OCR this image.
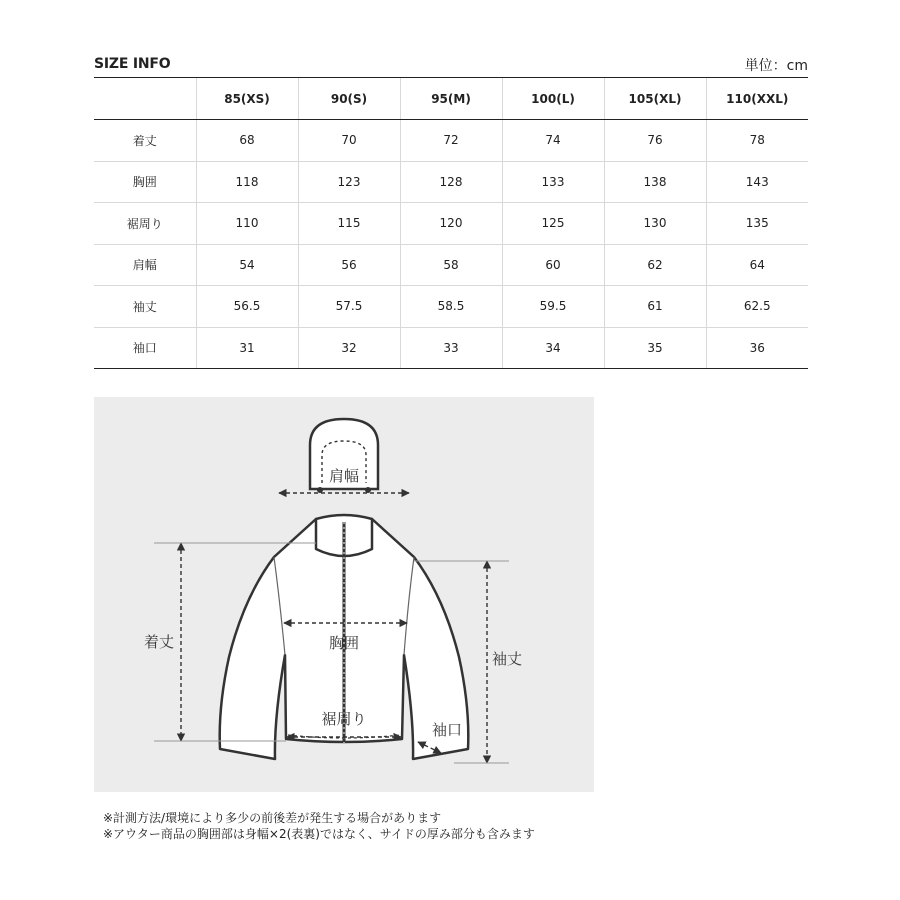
SIZE INFO	単位：cm
	85(XS)	90(S)	95(M)	100(L)	105(XL)	110(XXL)
着丈	68	70	72	74	76	78
胸囲	118	123	128	133	138	143
裾周り	110	115	120	125	130	135
肩幅	54	56	58	60	62	64
袖丈	56.5	57.5	58.5	59.5	61	62.5
袖口	31	32	33	34	35	36
肩幅
着丈	胸囲
袖丈
裾周り
袖口
※計測方法/環境により多少の前後差が発生する場合があります
※アウター商品の胸囲部は身幅×2(表裏)ではなく、サイドの厚み部分も含みます
